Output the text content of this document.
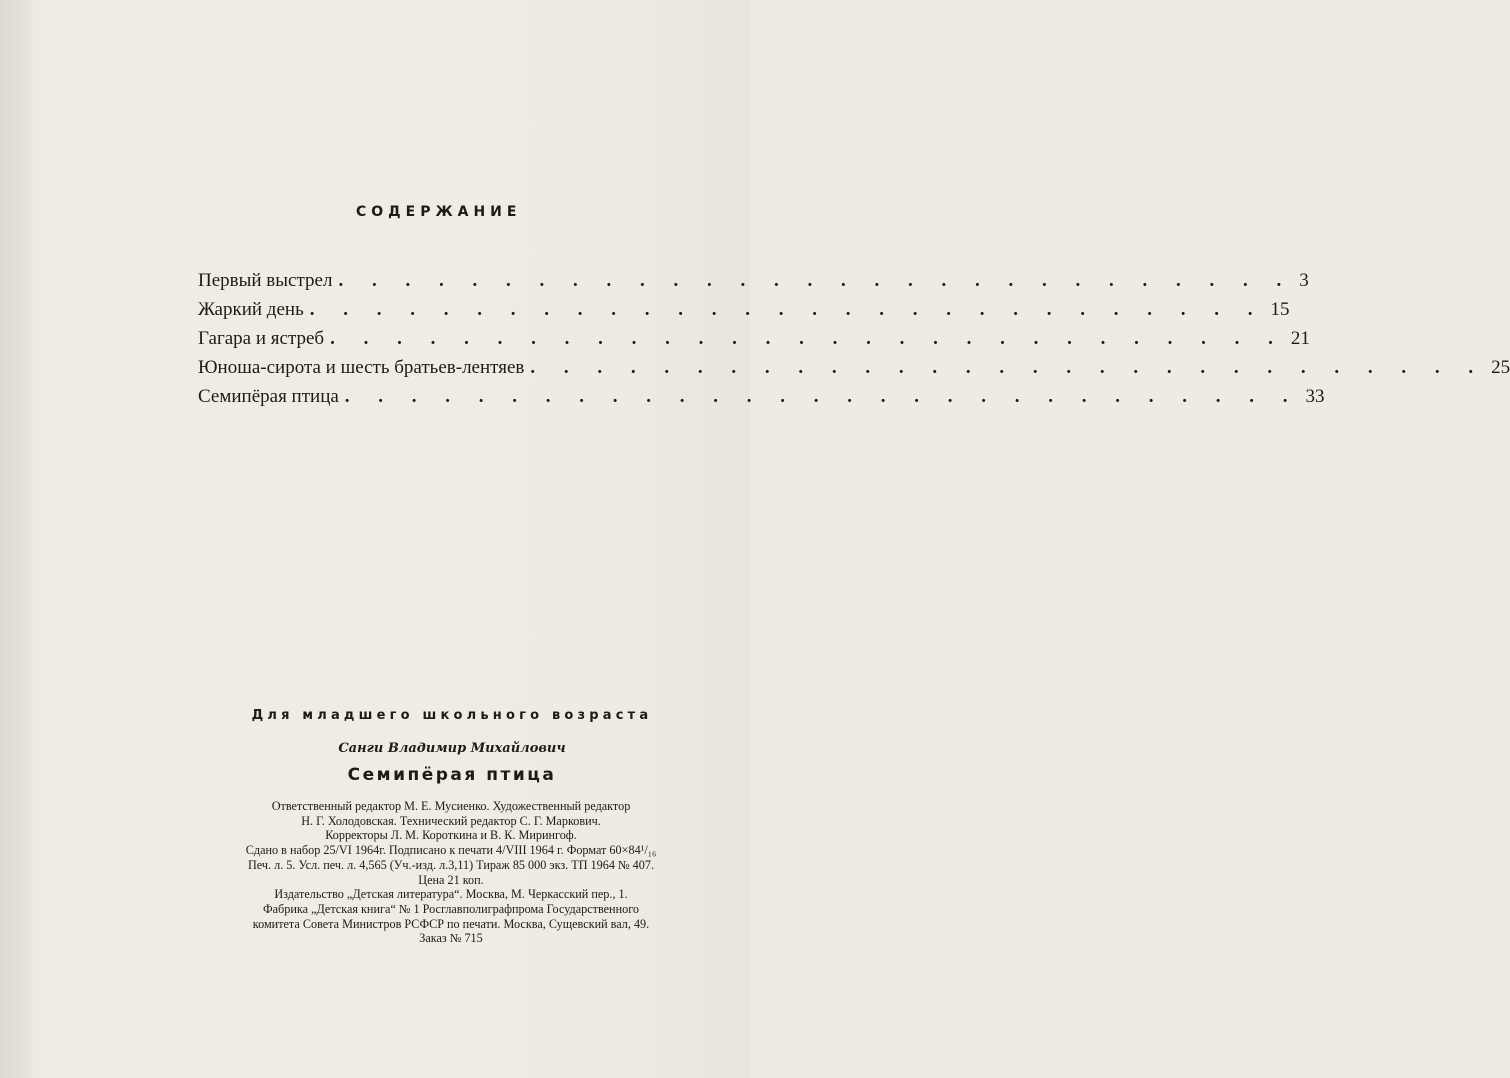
СОДЕРЖАНИЕ
Первый выстрел . . . . . . . . . . . . . . . . . . . . . . . . . . . . . 3
Жаркий день . . . . . . . . . . . . . . . . . . . . . . . . . . . . . 15
Гагара и ястреб . . . . . . . . . . . . . . . . . . . . . . . . . . . . . 21
Юноша-сирота и шесть братьев-лентяев . . . . . . . . . . . . . . . . . . . . . . . . . . . . . 25
Семипёрая птица . . . . . . . . . . . . . . . . . . . . . . . . . . . . . 33
Для младшего школьного возраста
Санги Владимир Михайлович
Семипёрая птица
Ответственный редактор М. Е. Мусиенко. Художественный редактор
Н. Г. Холодовская. Технический редактор С. Г. Маркович.
Корректоры Л. М. Короткина и В. К. Мирингоф.
Сдано в набор 25/VI 1964г. Подписано к печати 4/VIII 1964 г. Формат 60×84¹/₁₆
Печ. л. 5. Усл. печ. л. 4,565 (Уч.-изд. л.3,11) Тираж 85 000 экз. ТП 1964 № 407.
Цена 21 коп.
Издательство „Детская литература“. Москва, М. Черкасский пер., 1.
Фабрика „Детская книга“ № 1 Росглавполиграфпрома Государственного
комитета Совета Министров РСФСР по печати. Москва, Сущевский вал, 49.
Заказ № 715
